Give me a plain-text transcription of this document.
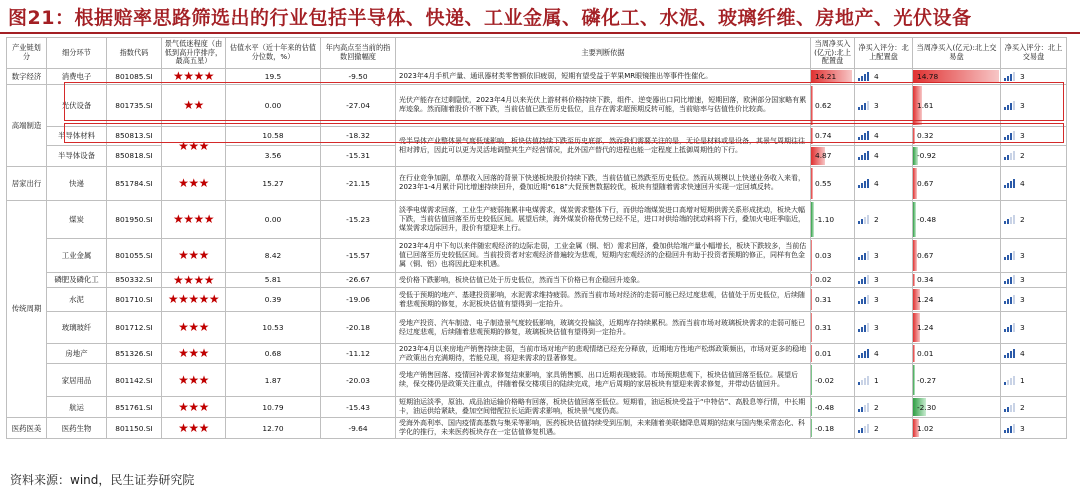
图21：根据赔率思路筛选出的行业包括半导体、快递、工业金属、磷化工、水泥、玻璃纤维、房地产、光伏设备
产业链划分	细分环节	指数代码	景气低迷程度（由低到高升序排序，最高五星）	估值水平（近十年来的估值分位数，%）	年内高点至当前的指数回撤幅度	主要判断依据	当周净买入(亿元):北上配置盘	净买入评分：北上配置盘	当周净买入(亿元):北上交易盘	净买入评分：北上交易盘
数字经济	消费电子	801085.SI	★★★★	19.5	-9.50	2023年4月手机产量、通讯器材类零售额依旧疲弱，短期有望受益于苹果MR眼镜推出等事件性催化。	14.21	4	14.78	3
高端制造	光伏设备	801735.SI	★★	0.00	-27.04	光伏产能存在过剩隐忧，2023年4月以来光伏上游材料价格持续下跌，组件、逆变器出口同比增速，短期回落，欧洲部分国家略有累库迹象。然而随着股价不断下跌，当前估值已跌至历史低位，且存在需求超预期反转可能，当前赔率与估值性价比较高。	0.62	3	1.61	3
	半导体材料	850813.SI	★★★	10.58	-18.32	受半导体产业整体景气度低迷影响，板块估值持续下跌至历史底部，然而我们需要关注的是，无论是材料或是设备，其景气周期往往相对滞后，因此可以更为灵活地调整其生产经营情况，此外国产替代的进程也能一定程度上抵御周期性的下行。	0.74	4	0.32	3
	半导体设备	850818.SI		3.56	-15.31		4.87	4	-0.92	2
居家出行	快递	851784.SI	★★★	15.27	-21.15	在行业竞争加剧，单票收入回落的背景下快递板块股价持续下跌，当前估值已然跌至历史低位。然而从规模以上快递业务收入来看，2023年1-4月累计同比增速持续回升，叠加近期“618”大促预售数据较优，板块有望随着需求快速回升实现一定回填反转。	0.55	4	0.67	4
传统周期	煤炭	801950.SI	★★★★	0.00	-15.23	淡季电煤需求回落，工业生产疲弱拖累非电煤需求，煤炭需求整体下行，而供给端煤炭进口高增对短期供需关系形成扰动，板块大幅下跌，当前估值回落至历史较低区间。展望后续，海外煤炭价格优势已经不足，进口对供给端的扰动料将下行，叠加火电旺季临近，煤炭需求边际回升，股价有望迎来上行。	-1.10	2	-0.48	2
	工业金属	801055.SI	★★★	8.42	-15.57	2023年4月中下旬以来伴随宏观经济的边际走弱，工业金属（铜、铝）需求回落，叠加供给端产量小幅增长，板块下跌较多，当前估值已回落至历史较低区间。当前投资者对宏观经济普遍较为悲观，短期内宏观经济的企稳回升有助于投资者预期的修正，同样有色金属（铜、铝）也将因此迎来机遇。	0.03	3	0.67	3
	磷肥及磷化工	850332.SI	★★★★	5.81	-26.67	受价格下跌影响，板块估值已处于历史低位，然而当下价格已有企稳回升迹象。	0.02	3	0.34	3
	水泥	801710.SI	★★★★★	0.39	-19.06	受低于预期的地产、基建投资影响，水泥需求维持疲弱。然而当前市场对经济的走弱可能已经过度悲观，估值处于历史低位，后续随着悲观预期的修复，水泥板块估值有望得到一定抬升。	0.31	3	1.24	3
	玻璃玻纤	801712.SI	★★★	10.53	-20.18	受地产投资、汽车制造、电子制造景气度较低影响，玻璃交投偏淡，近期库存持续累积。然而当前市场对玻璃板块需求的走弱可能已经过度悲观，后续随着悲观预期的修复，玻璃板块估值有望得到一定抬升。	0.31	3	1.24	3
	房地产	851326.SI	★★★	0.68	-11.12	2023年4月以来房地产销售持续走弱，当前市场对地产的悲观情绪已经充分释放，近期地方性地产松绑政策频出，市场对更多的稳地产政策出台充满期待，若能兑现，将迎来需求的显著修复。	0.01	4	0.01	4
	家居用品	801142.SI	★★★	1.87	-20.03	受地产销售回落、疫情回补需求修复结束影响，家具销售额、出口近期表现疲弱。市场预期悲观下，板块估值回落至低位。展望后续，保交楼仍是政策关注重点，伴随着保交楼项目的陆续完成，地产后周期的家居板块有望迎来需求修复，并带动估值回升。	-0.02	1	-0.27	1
	航运	851761.SI	★★★	10.79	-15.43	短期油运淡季，原油、成品油运输价格略有回落，板块估值回落至低位。短期看，油运板块受益于“中特估”、高股息等行情，中长期卡，油运供给紧缺，叠加空间错配拉长运距需求影响，板块景气度仍高。	-0.48	2	-2.30	2
医药医美	医药生物	801150.SI	★★★	12.70	-9.64	受海外高利率、国内疫情高基数与集采等影响，医药板块估值持续受到压制，未来随着美联储降息周期的结束与国内集采常态化、科学化的推行，未来医药板块存在一定估值修复机遇。	-0.18	2	1.02	3
资料来源：wind，民生证券研究院
